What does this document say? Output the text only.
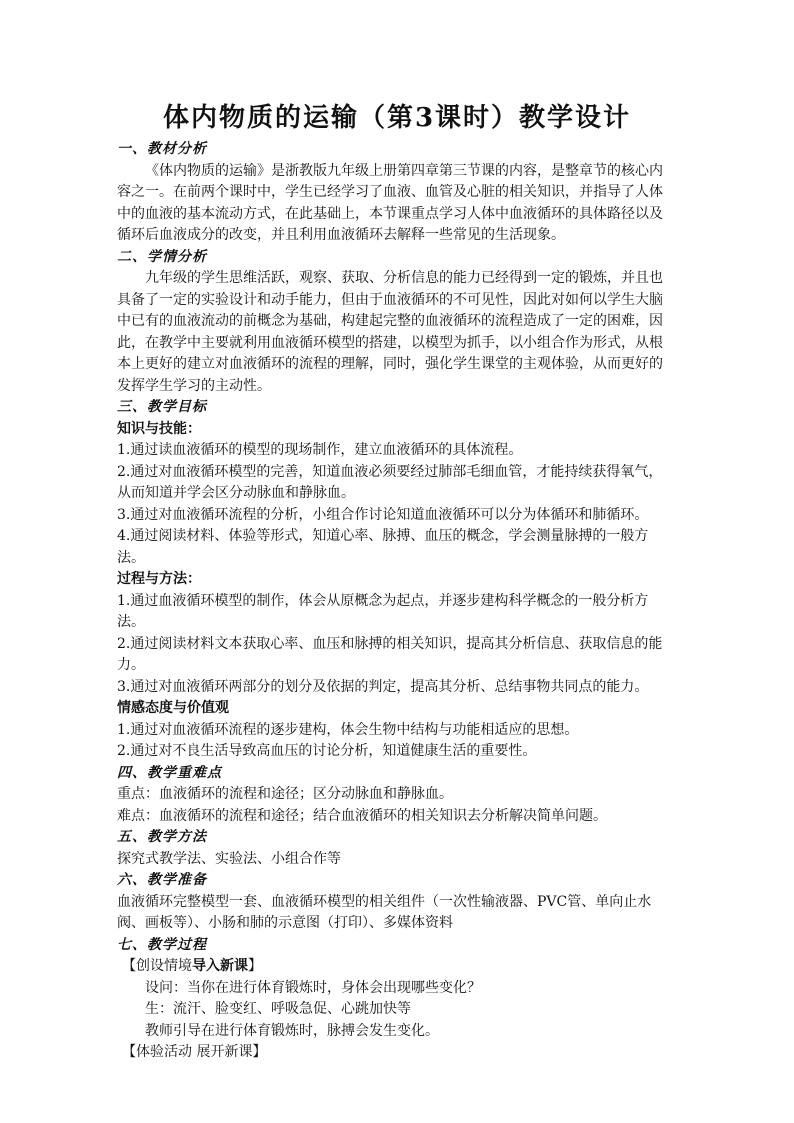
体内物质的运输（第3课时）教学设计

一、教材分析

《体内物质的运输》是浙教版九年级上册第四章第三节课的内容，是整章节的核心内

容之一。在前两个课时中，学生已经学习了血液、血管及心脏的相关知识，并指导了人体

中的血液的基本流动方式，在此基础上，本节课重点学习人体中血液循环的具体路径以及

循环后血液成分的改变，并且利用血液循环去解释一些常见的生活现象。

二、学情分析

九年级的学生思维活跃，观察、获取、分析信息的能力已经得到一定的锻炼，并且也

具备了一定的实验设计和动手能力，但由于血液循环的不可见性，因此对如何以学生大脑

中已有的血液流动的前概念为基础，构建起完整的血液循环的流程造成了一定的困难，因

此，在教学中主要就利用血液循环模型的搭建，以模型为抓手，以小组合作为形式，从根

本上更好的建立对血液循环的流程的理解，同时，强化学生课堂的主观体验，从而更好的

发挥学生学习的主动性。

三、教学目标

知识与技能：

1.通过读血液循环的模型的现场制作，建立血液循环的具体流程。

2.通过对血液循环模型的完善，知道血液必须要经过肺部毛细血管，才能持续获得氧气，

从而知道并学会区分动脉血和静脉血。

3.通过对血液循环流程的分析，小组合作讨论知道血液循环可以分为体循环和肺循环。

4.通过阅读材料、体验等形式，知道心率、脉搏、血压的概念，学会测量脉搏的一般方

法。

过程与方法：

1.通过血液循环模型的制作，体会从原概念为起点，并逐步建构科学概念的一般分析方

法。

2.通过阅读材料文本获取心率、血压和脉搏的相关知识，提高其分析信息、获取信息的能

力。

3.通过对血液循环两部分的划分及依据的判定，提高其分析、总结事物共同点的能力。

情感态度与价值观

1.通过对血液循环流程的逐步建构，体会生物中结构与功能相适应的思想。

2.通过对不良生活导致高血压的讨论分析，知道健康生活的重要性。

四、教学重难点

重点：血液循环的流程和途径；区分动脉血和静脉血。

难点：血液循环的流程和途径；结合血液循环的相关知识去分析解决简单问题。

五、教学方法

探究式教学法、实验法、小组合作等

六、教学准备

血液循环完整模型一套、血液循环模型的相关组件（一次性输液器、PVC管、单向止水

阀、画板等）、小肠和肺的示意图（打印）、多媒体资料

七、教学过程

【创设情境导入新课】

设问：当你在进行体育锻炼时，身体会出现哪些变化？

生：流汗、脸变红、呼吸急促、心跳加快等

教师引导在进行体育锻炼时，脉搏会发生变化。

【体验活动 展开新课】
